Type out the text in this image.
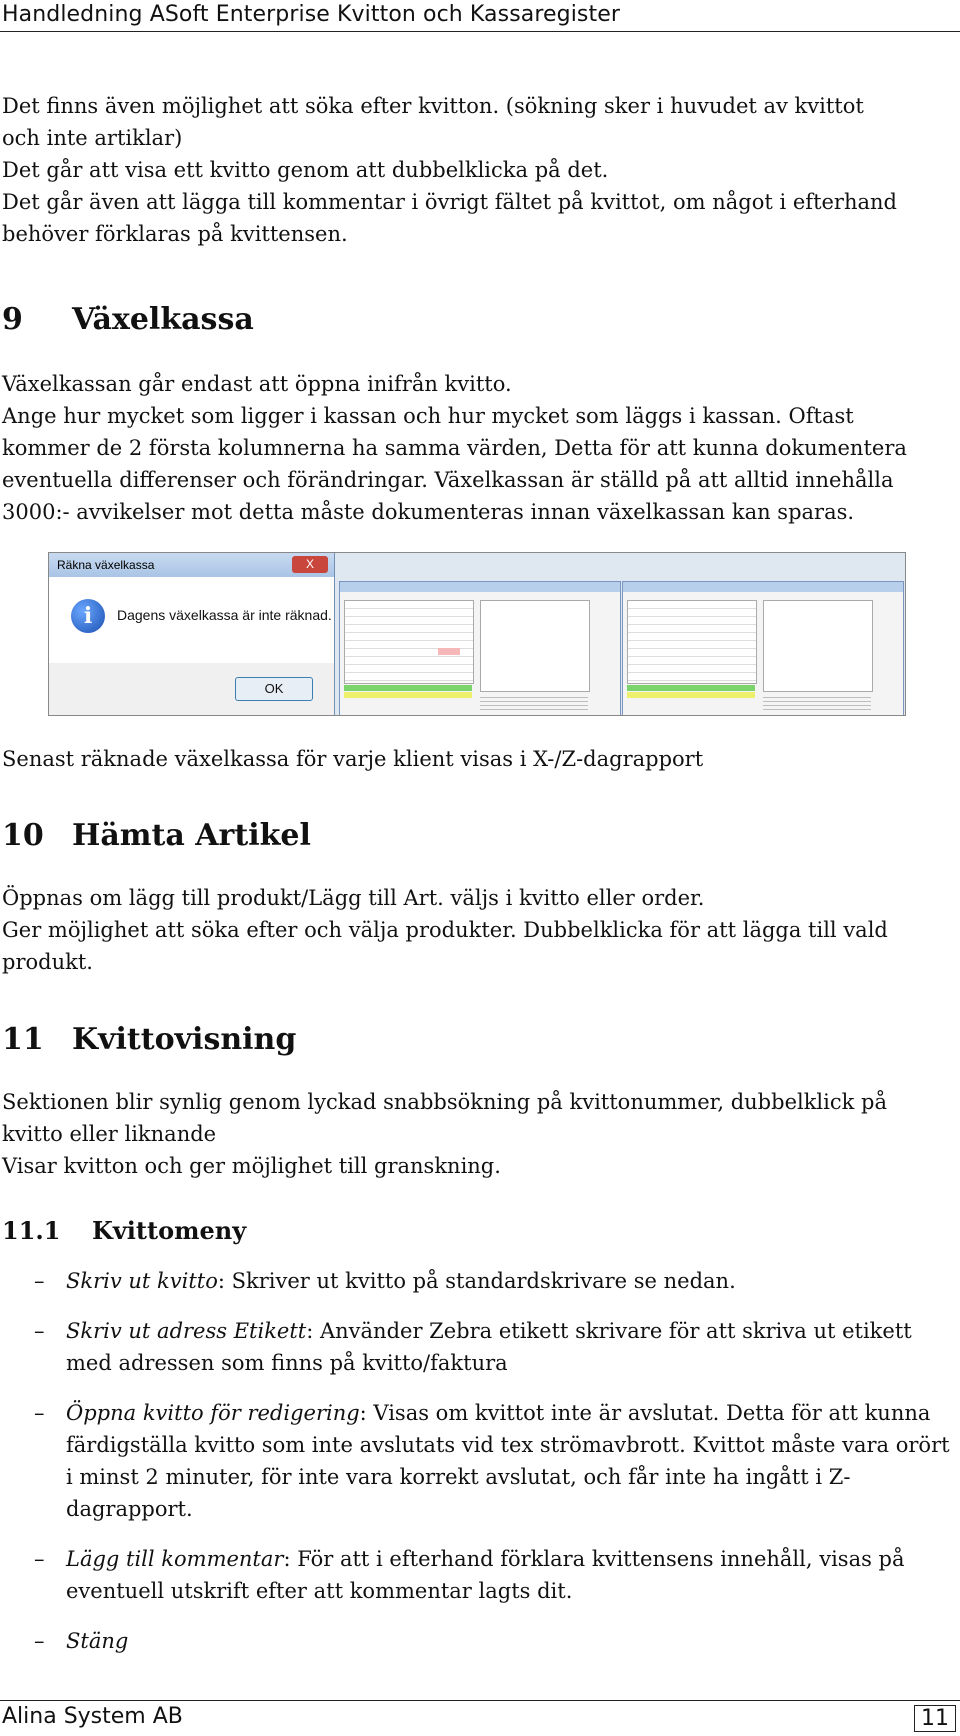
Handledning ASoft Enterprise Kvitton och Kassaregister

Det finns även möjlighet att söka efter kvitton. (sökning sker i huvudet av kvittot

och inte artiklar)

Det går att visa ett kvitto genom att dubbelklicka på det.

Det går även att lägga till kommentar i övrigt fältet på kvittot, om något i efterhand

behöver förklaras på kvittensen.

9 Växelkassa

Växelkassan går endast att öppna inifrån kvitto.

Ange hur mycket som ligger i kassan och hur mycket som läggs i kassan. Oftast

kommer de 2 första kolumnerna ha samma värden, Detta för att kunna dokumentera

eventuella differenser och förändringar. Växelkassan är ställd på att alltid innehålla

3000:- avvikelser mot detta måste dokumenteras innan växelkassan kan sparas.

Räkna växelkassa	X
i	Dagens växelkassa är inte räknad.
OK

Senast räknade växelkassa för varje klient visas i X-/Z-dagrapport

10 Hämta Artikel

Öppnas om lägg till produkt/Lägg till Art. väljs i kvitto eller order.

Ger möjlighet att söka efter och välja produkter. Dubbelklicka för att lägga till vald

produkt.

11 Kvittovisning

Sektionen blir synlig genom lyckad snabbsökning på kvittonummer, dubbelklick på

kvitto eller liknande

Visar kvitton och ger möjlighet till granskning.

11.1 Kvittomeny
– Skriv ut kvitto: Skriver ut kvitto på standardskrivare se nedan.
– Skriv ut adress Etikett: Använder Zebra etikett skrivare för att skriva ut etikett med adressen som finns på kvitto/faktura
– Öppna kvitto för redigering: Visas om kvittot inte är avslutat. Detta för att kunna färdigställa kvitto som inte avslutats vid tex strömavbrott. Kvittot måste vara orört i minst 2 minuter, för inte vara korrekt avslutat, och får inte ha ingått i Z-dagrapport.
– Lägg till kommentar: För att i efterhand förklara kvittensens innehåll, visas på eventuell utskrift efter att kommentar lagts dit.
– Stäng
Alina System AB	11
